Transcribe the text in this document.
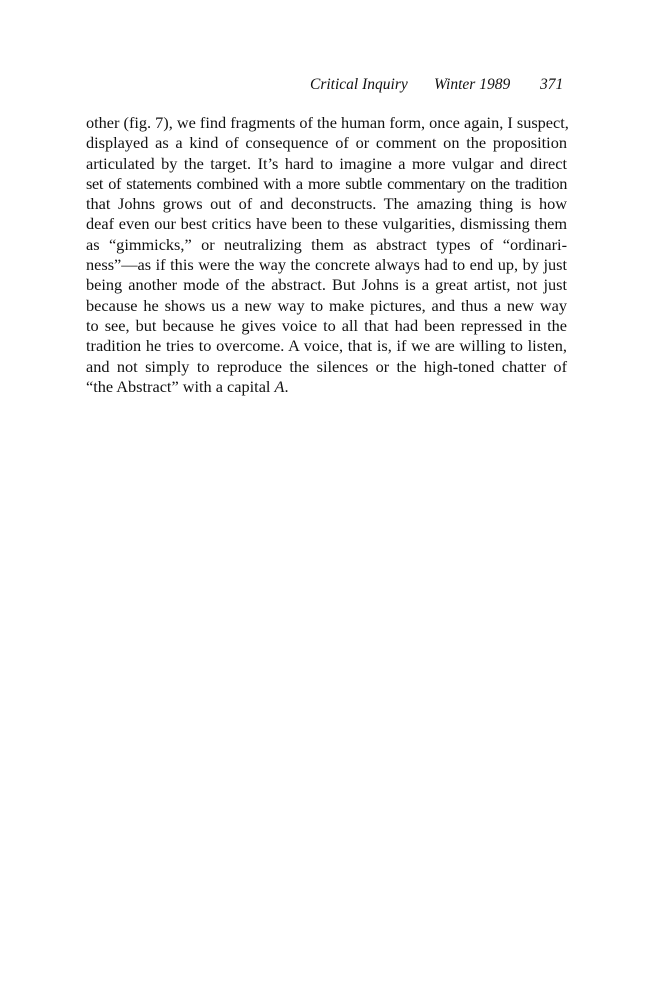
Critical Inquiry Winter 1989 371
other (fig. 7), we find fragments of the human form, once again, I suspect,
displayed as a kind of consequence of or comment on the proposition
articulated by the target. It’s hard to imagine a more vulgar and direct
set of statements combined with a more subtle commentary on the tradition
that Johns grows out of and deconstructs. The amazing thing is how
deaf even our best critics have been to these vulgarities, dismissing them
as “gimmicks,” or neutralizing them as abstract types of “ordinari-
ness”—as if this were the way the concrete always had to end up, by just
being another mode of the abstract. But Johns is a great artist, not just
because he shows us a new way to make pictures, and thus a new way
to see, but because he gives voice to all that had been repressed in the
tradition he tries to overcome. A voice, that is, if we are willing to listen,
and not simply to reproduce the silences or the high-toned chatter of
“the Abstract” with a capital A.
